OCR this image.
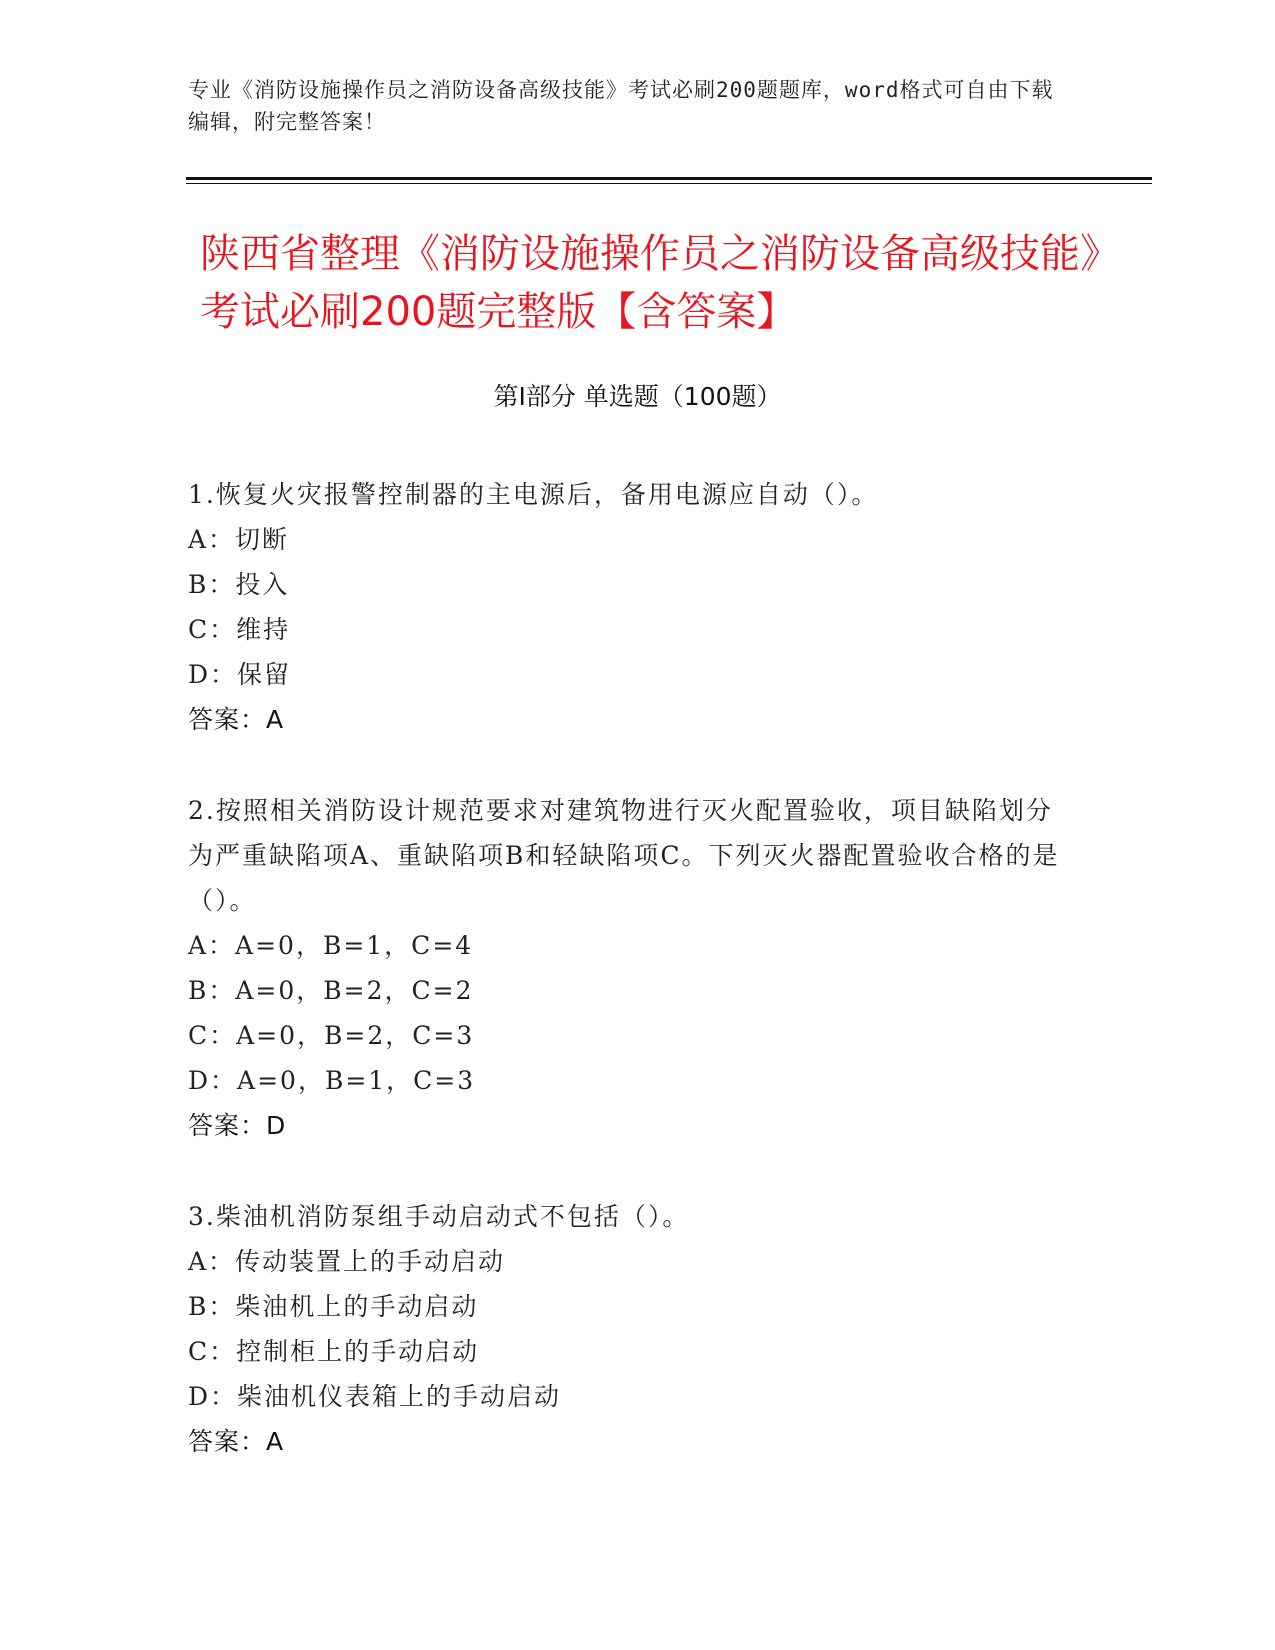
专业《消防设施操作员之消防设备高级技能》考试必刷200题题库，word格式可自由下载编辑，附完整答案！
陕西省整理《消防设施操作员之消防设备高级技能》考试必刷200题完整版【含答案】
第I部分 单选题（100题）
1.恢复火灾报警控制器的主电源后，备用电源应自动（）。
A：切断
B：投入
C：维持
D：保留
答案：A
2.按照相关消防设计规范要求对建筑物进行灭火配置验收，项目缺陷划分为严重缺陷项A、重缺陷项B和轻缺陷项C。下列灭火器配置验收合格的是（）。
A：A=0，B=1，C=4
B：A=0，B=2，C=2
C：A=0，B=2，C=3
D：A=0，B=1，C=3
答案：D
3.柴油机消防泵组手动启动式不包括（）。
A：传动装置上的手动启动
B：柴油机上的手动启动
C：控制柜上的手动启动
D：柴油机仪表箱上的手动启动
答案：A
